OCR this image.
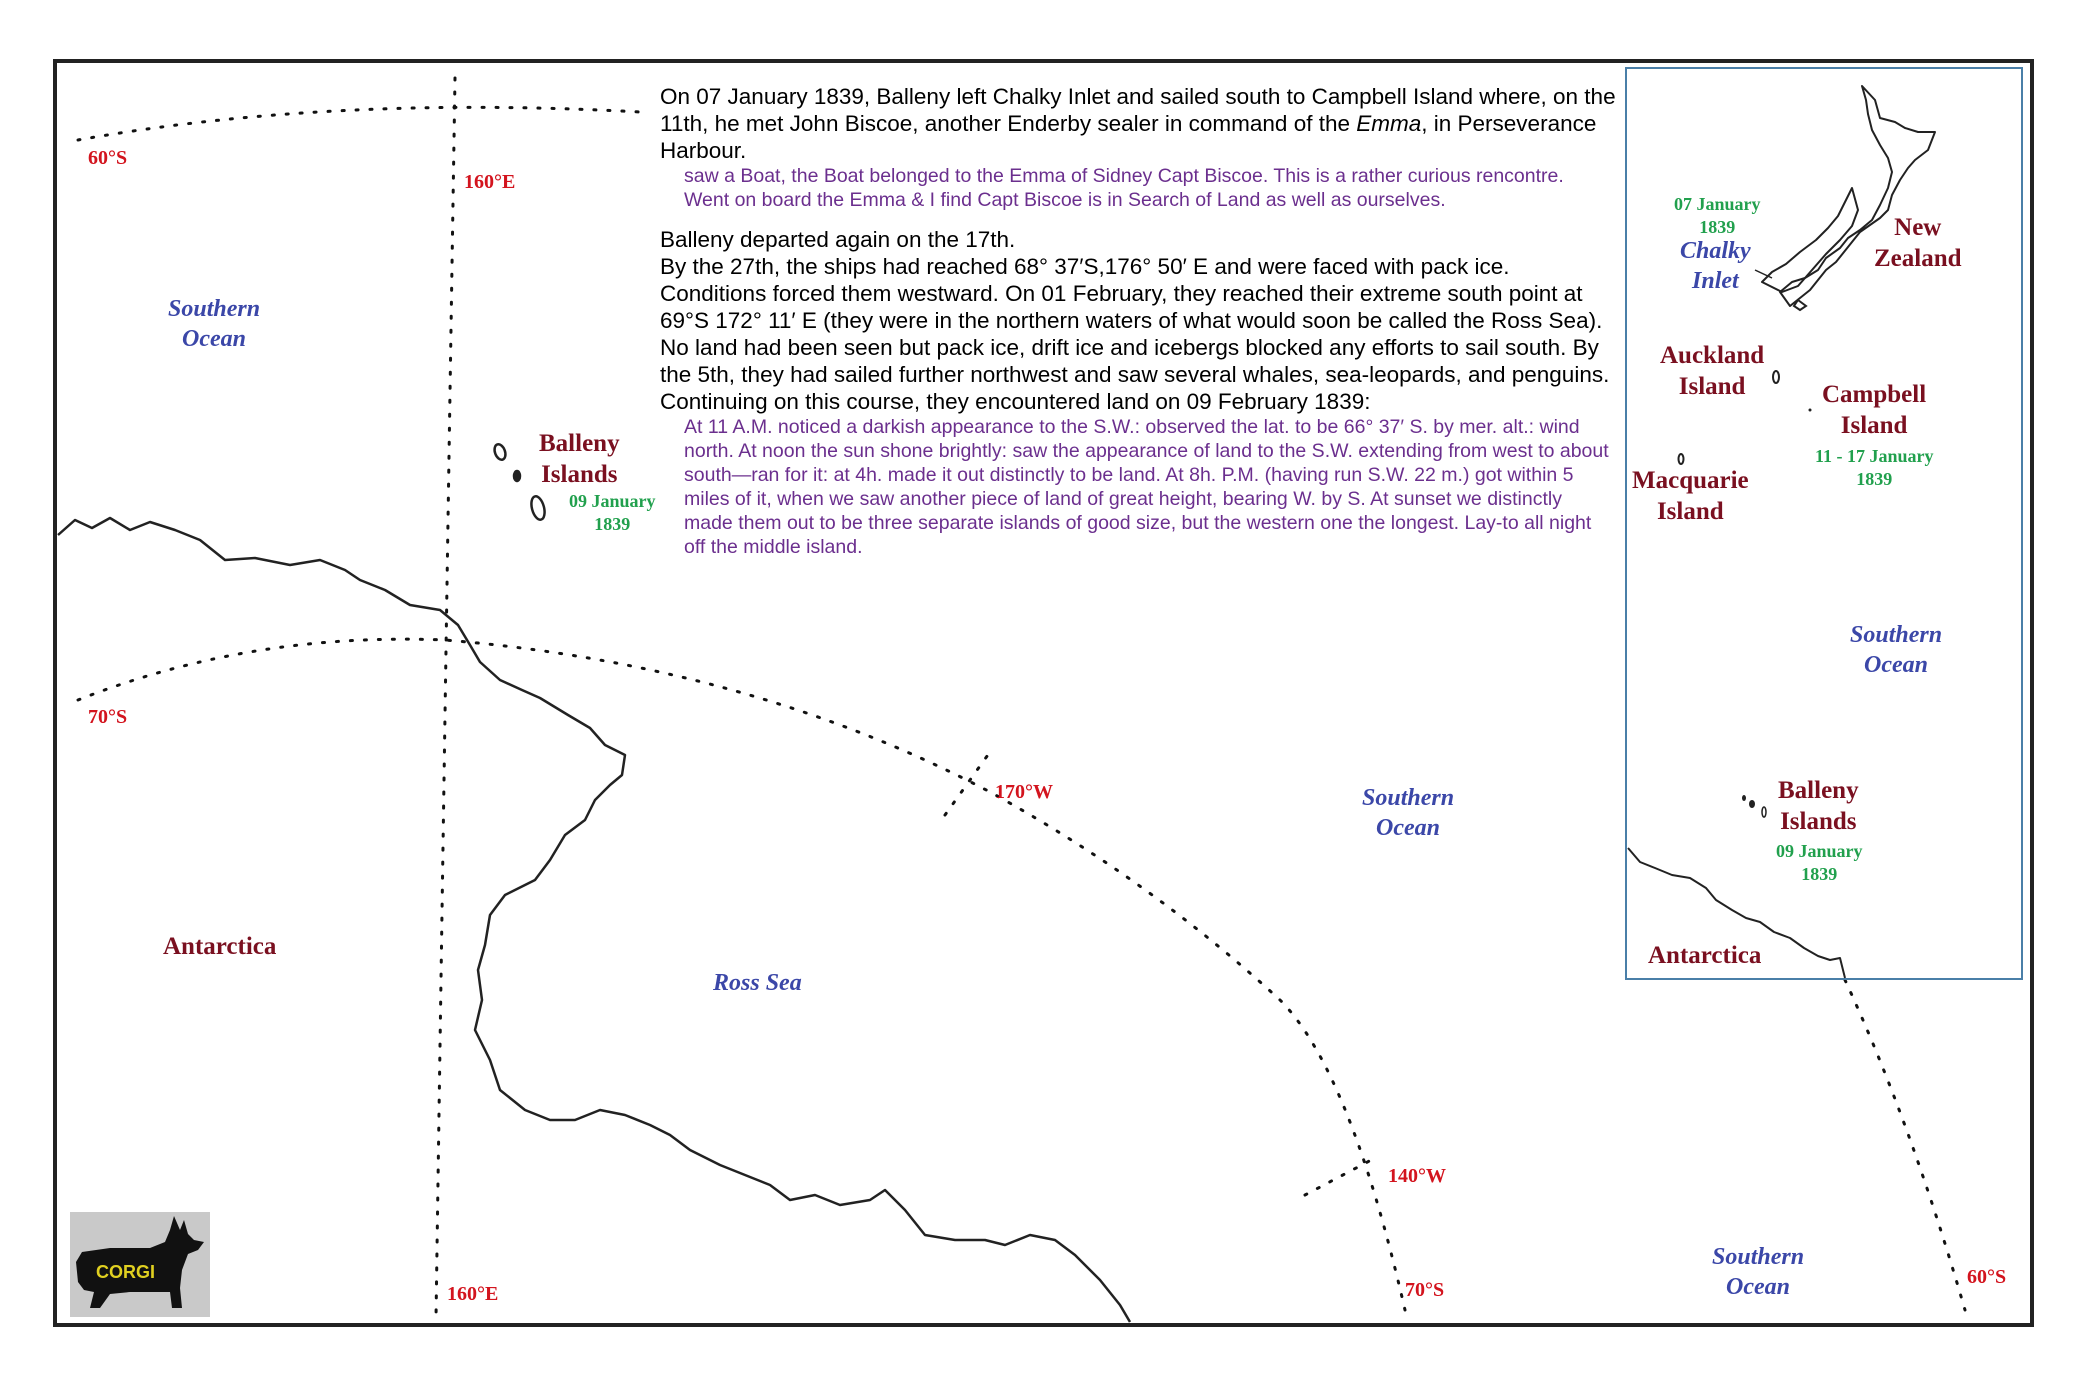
On 07 January 1839, Balleny left Chalky Inlet and sailed south to Campbell Island where, on the 11th, he met John Biscoe, another Enderby sealer in command of the Emma, in Perseverance Harbour.

saw a Boat, the Boat belonged to the Emma of Sidney Capt Biscoe. This is a rather curious rencontre. Went on board the Emma & I find Capt Biscoe is in Search of Land as well as ourselves.

Balleny departed again on the 17th.

By the 27th, the ships had reached 68° 37′S,176° 50′ E and were faced with pack ice. Conditions forced them westward. On 01 February, they reached their extreme south point at 69°S 172° 11′ E (they were in the northern waters of what would soon be called the Ross Sea). No land had been seen but pack ice, drift ice and icebergs blocked any efforts to sail south. By the 5th, they had sailed further northwest and saw several whales, sea-leopards, and penguins. Continuing on this course, they encountered land on 09 February 1839:

At 11 A.M. noticed a darkish appearance to the S.W.: observed the lat. to be 66° 37′ S. by mer. alt.: wind north. At noon the sun shone brightly: saw the appearance of land to the S.W. extending from west to about south—ran for it: at 4h. made it out distinctly to be land. At 8h. P.M. (having run S.W. 22 m.) got within 5 miles of it, when we saw another piece of land of great height, bearing W. by S. At sunset we distinctly made them out to be three separate islands of good size, but the western one the longest. Lay-to all night off the middle island.

60°S
160°E
70°S
170°W
140°W
70°S
160°E
Southern
Ocean
Southern
Ocean
Balleny
Islands
09 January
1839
Antarctica
Ross Sea
07 January
1839
Chalky
Inlet
New
Zealand
Auckland
Island	Campbell
Island
11 - 17 January
1839
Macquarie
Island
Southern
Ocean
Balleny
Islands
09 January
1839
Antarctica
Southern
Ocean	60°S
CORGI
